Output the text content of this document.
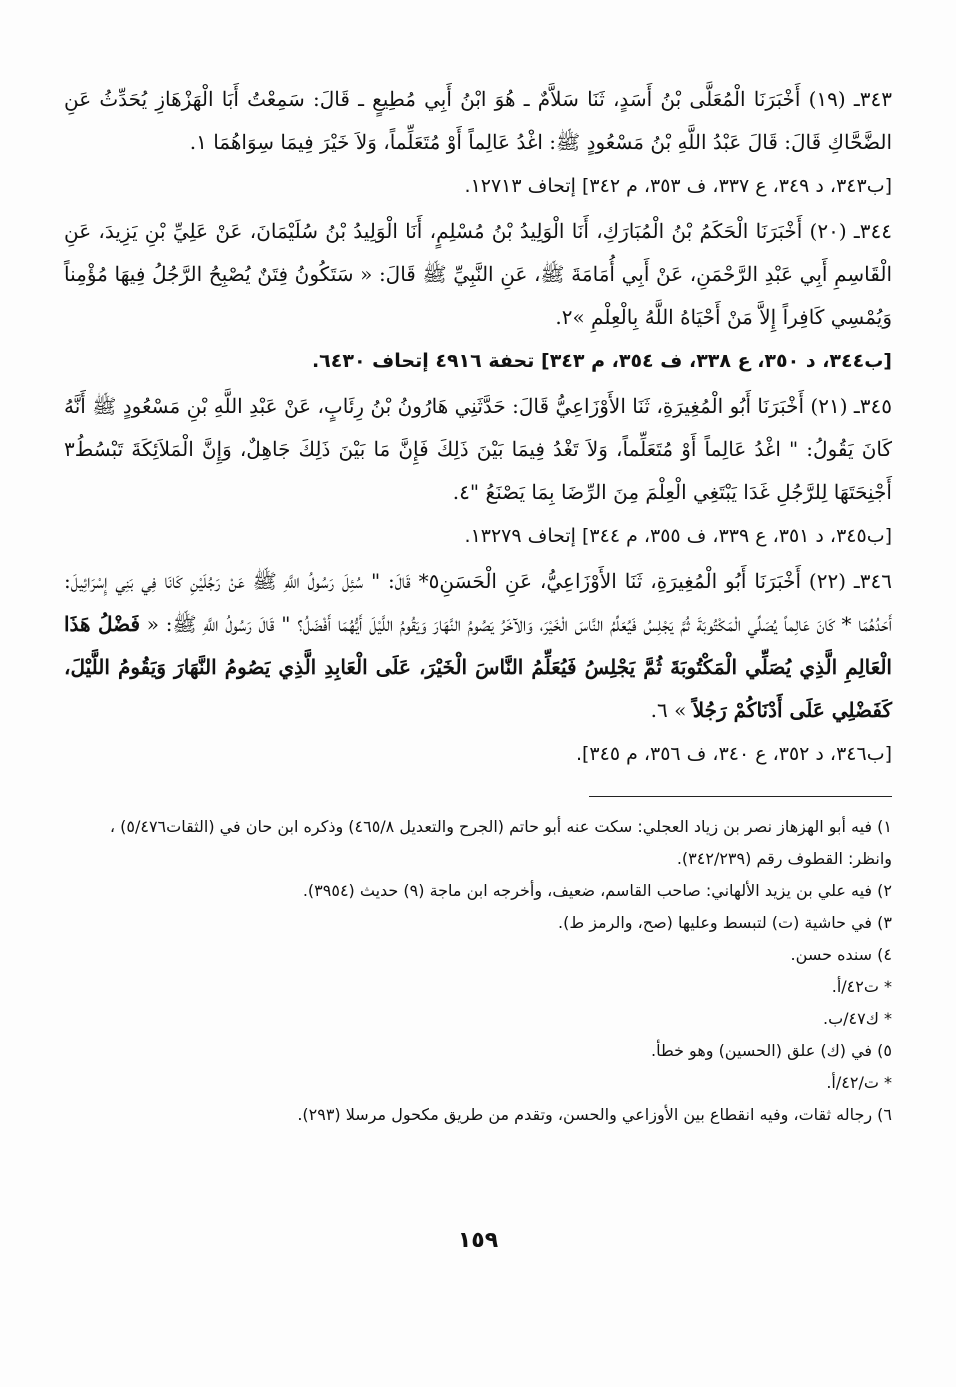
٣٤٣ـ (١٩) أَخْبَرَنَا الْمُعَلَّى بْنُ أَسَدٍ، ثَنَا سَلاَّمٌ ـ هُوَ ابْنُ أَبِي مُطِيعٍ ـ قَالَ: سَمِعْتُ أَبَا الْهَزْهَازِ يُحَدِّثُ عَنِ الضَّحَّاكِ قَالَ: قَالَ عَبْدُ اللَّهِ بْنُ مَسْعُودٍ ﷺ: اغْدُ عَالِماً أَوْ مُتَعَلِّماً، وَلاَ خَيْرَ فِيمَا سِوَاهُمَا ١.

[ب٣٤٣، د ٣٤٩، ع ٣٣٧، ف ٣٥٣، م ٣٤٢] إتحاف ١٢٧١٣.

٣٤٤ـ (٢٠) أَخْبَرَنَا الْحَكَمُ بْنُ الْمُبَارَكِ، أَنَا الْوَلِيدُ بْنُ مُسْلِمٍ، أَنَا الْوَلِيدُ بْنُ سُلَيْمَانَ، عَنْ عَلِيِّ بْنِ يَزِيدَ، عَنِ الْقَاسِمِ أَبِي عَبْدِ الرَّحْمَنِ، عَنْ أَبِي أُمَامَةَ ﷺ، عَنِ النَّبِيِّ ﷺ قَالَ: « سَتَكُونُ فِتَنٌ يُصْبِحُ الرَّجُلُ فِيهَا مُؤْمِناً وَيُمْسِي كَافِراً إِلاَّ مَنْ أَحْيَاهُ اللَّهُ بِالْعِلْمِ »٢.

[ب٣٤٤، د ٣٥٠، ع ٣٣٨، ف ٣٥٤، م ٣٤٣] تحفة ٤٩١٦ إتحاف ٦٤٣٠.

٣٤٥ـ (٢١) أَخْبَرَنَا أَبُو الْمُغِيرَةِ، ثَنَا الأَوْزَاعِيُّ قَالَ: حَدَّثَنِي هَارُونُ بْنُ رِئَابٍ، عَنْ عَبْدِ اللَّهِ بْنِ مَسْعُودٍ ﷺ أَنَّهُ كَانَ يَقُولُ: " اغْدُ عَالِماً أَوْ مُتَعَلِّماً، وَلاَ تَغْدُ فِيمَا بَيْنَ ذَلِكَ فَإِنَّ مَا بَيْنَ ذَلِكَ جَاهِلٌ، وَإِنَّ الْمَلاَئِكَةَ تَبْسُطُ٣ أَجْنِحَتَهَا لِلرَّجُلِ غَدَا يَبْتَغِي الْعِلْمَ مِنَ الرِّضَا بِمَا يَصْنَعُ "٤.

[ب٣٤٥، د ٣٥١، ع ٣٣٩، ف ٣٥٥، م ٣٤٤] إتحاف ١٣٢٧٩.

٣٤٦ـ (٢٢) أَخْبَرَنَا أَبُو الْمُغِيرَةِ، ثَنَا الأَوْزَاعِيُّ، عَنِ الْحَسَنِ٥* قَالَ: " سُئِلَ رَسُولُ اللَّهِ ﷺ عَنْ رَجُلَيْنِ كَانَا فِي بَنِي إِسْرَائِيلَ: أَحَدُهُمَا * كَانَ عَالِماً يُصَلِّي الْمَكْتُوبَةَ ثُمَّ يَجْلِسُ فَيُعَلِّمُ النَّاسَ الْخَيْرَ، وَالآخَرُ يَصُومُ النَّهَارَ وَيَقُومُ اللَّيْلَ أَيُّهُمَا أَفْضَلُ؟ " قَالَ رَسُولُ اللَّهِ ﷺ: « فَضْلُ هَذَا الْعَالِمِ الَّذِي يُصَلِّي الْمَكْتُوبَةَ ثُمَّ يَجْلِسُ فَيُعَلِّمُ النَّاسَ الْخَيْرَ، عَلَى الْعَابِدِ الَّذِي يَصُومُ النَّهَارَ وَيَقُومُ اللَّيْلَ، كَفَضْلِي عَلَى أَدْنَاكُمْ رَجُلاً » ٦.

[ب٣٤٦، د ٣٥٢، ع ٣٤٠، ف ٣٥٦، م ٣٤٥].

١) فيه أبو الهزهاز نصر بن زياد العجلي: سكت عنه أبو حاتم (الجرح والتعديل ٤٦٥/٨) وذكره ابن حان في (الثقات٥/٤٧٦) ، وانظر: القطوف رقم (٣٤٢/٢٣٩).

٢) فيه علي بن يزيد الألهاني: صاحب القاسم، ضعيف، وأخرجه ابن ماجة (٩) حديث (٣٩٥٤).

٣) في حاشية (ت) لتبسط وعليها (صح، والرمز ط).

٤) سنده حسن.

* ت٤٢/أ.

* ك٤٧/ب.

٥) في (ك) علق (الحسين) وهو خطأ.

* ت/٤٢/أ.

٦) رجاله ثقات، وفيه انقطاع بين الأوزاعي والحسن، وتقدم من طريق مكحول مرسلا (٢٩٣).

١٥٩
